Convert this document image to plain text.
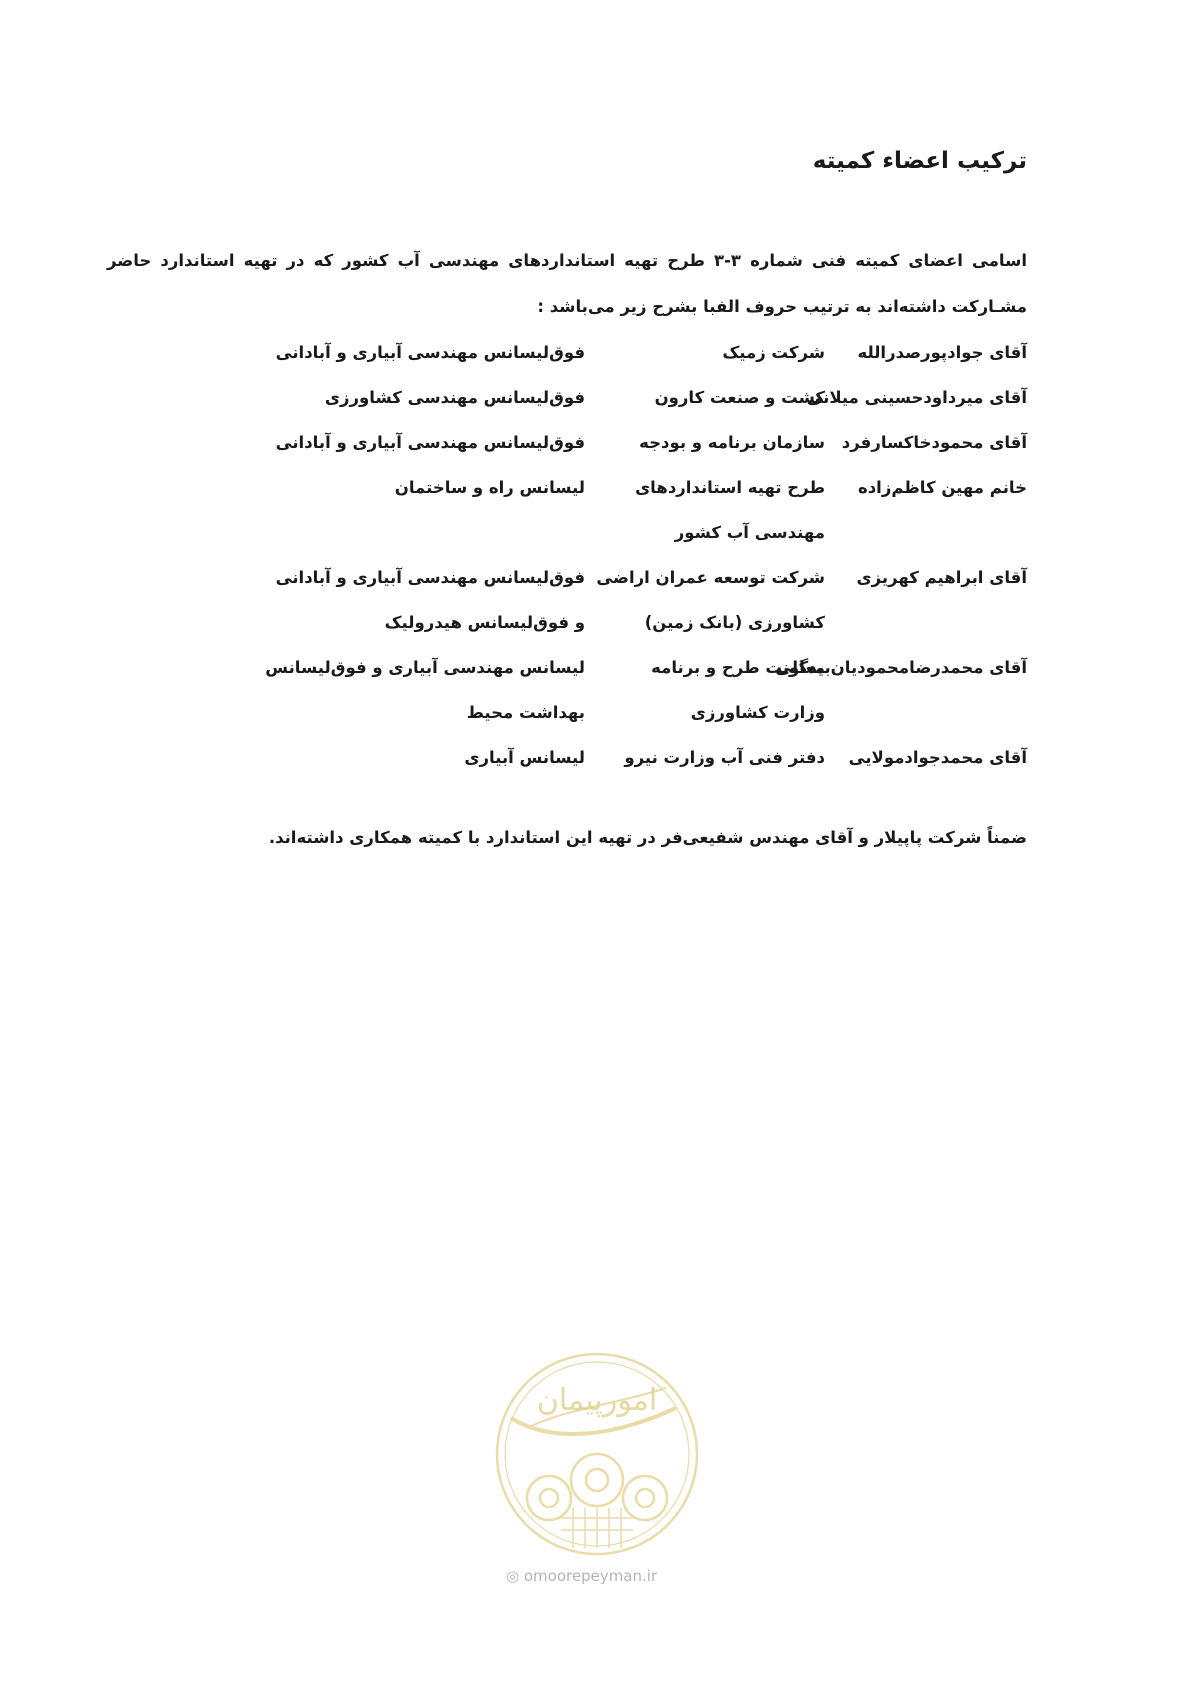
ترکیب اعضاء کمیته

اسامی اعضای کمیته فنی شماره ۳-۳ طرح تهیه استانداردهای مهندسی آب کشور که در تهیه استاندارد حاضر مشـارکت داشته‌اند به ترتیب حروف الفبا بشرح زیر می‌باشد :

آقای جوادپورصدرالله
شرکت زمیک
فوق‌لیسانس مهندسی آبیاری و آبادانی
آقای میرداودحسینی میلانی
کشت و صنعت کارون
فوق‌لیسانس مهندسی کشاورزی
آقای محمودخاکسارفرد
سازمان برنامه و بودجه
فوق‌لیسانس مهندسی آبیاری و آبادانی
خانم مهین کاظم‌زاده
طرح تهیه استانداردهای
لیسانس راه و ساختمان
مهندسی آب کشور
آقای ابراهیم کهریزی
شرکت توسعه عمران اراضی
فوق‌لیسانس مهندسی آبیاری و آبادانی
کشاورزی (بانک زمین)
و فوق‌لیسانس هیدرولیک
آقای محمدرضامحمودیان‌بیدگلی
معاونت طرح و برنامه
لیسانس مهندسی آبیاری و فوق‌لیسانس
وزارت کشاورزی
بهداشت محیط
آقای محمدجوادمولایی
دفتر فنی آب وزارت نیرو
لیسانس آبیاری

ضمناً شرکت پاپیلار و آقای مهندس شفیعی‌فر در تهیه این استاندارد با کمیته همکاری داشته‌اند.

امورپیمان
◎ omoorepeyman.ir
